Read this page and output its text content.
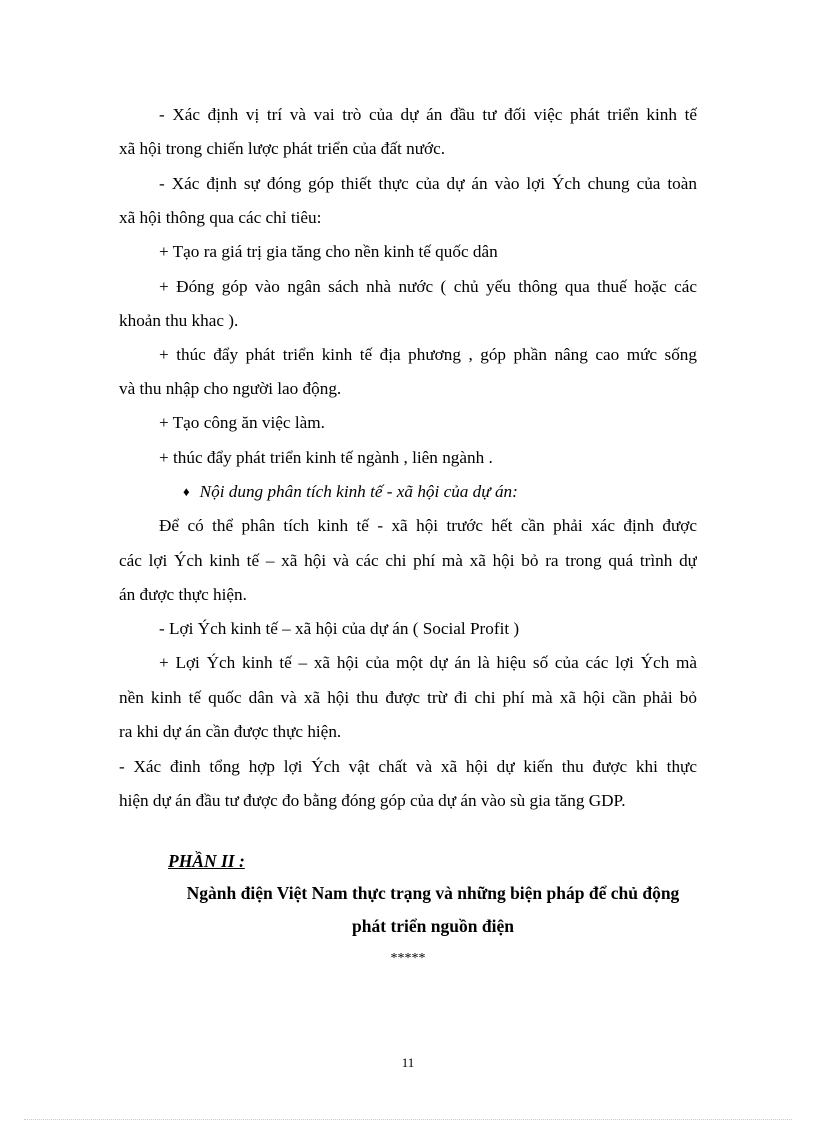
- Xác định vị trí và vai trò của dự án đầu tư đối việc phát triển kinh tế
xã hội trong chiến lược phát triển của đất nước.
- Xác định sự đóng góp thiết thực của dự án vào lợi Ých chung của toàn
xã hội thông qua các chỉ tiêu:
+ Tạo ra giá trị gia tăng cho nền kinh tế quốc dân
+ Đóng góp vào ngân sách nhà nước ( chủ yếu thông qua thuế hoặc các
khoản thu khac ).
+ thúc đẩy phát triển kinh tế địa phương , góp phần nâng cao mức sống
và thu nhập cho người lao động.
+ Tạo công ăn việc làm.
+ thúc đẩy phát triển kinh tế ngành , liên ngành .
♦ Nội dung phân tích kinh tế - xã hội của dự án:
Để có thể phân tích kinh tế - xã hội trước hết cần phải xác định được
các lợi Ých kinh tế – xã hội và các chi phí mà xã hội bỏ ra trong quá trình dự
án được thực hiện.
- Lợi Ých kinh tế – xã hội của dự án ( Social Profit )
+ Lợi Ých kinh tế – xã hội của một dự án là hiệu số của các lợi Ých mà
nền kinh tế quốc dân và xã hội thu được trừ đi chi phí mà xã hội cần phải bỏ
ra khi dự án cần được thực hiện.
- Xác đinh tổng hợp lợi Ých vật chất và xã hội dự kiến thu được khi thực
hiện dự án đầu tư được đo bằng đóng góp của dự án vào sù gia tăng GDP.
PHẦN II :
Ngành điện Việt Nam thực trạng và những biện pháp để chủ động
phát triển nguồn điện
*****
11
